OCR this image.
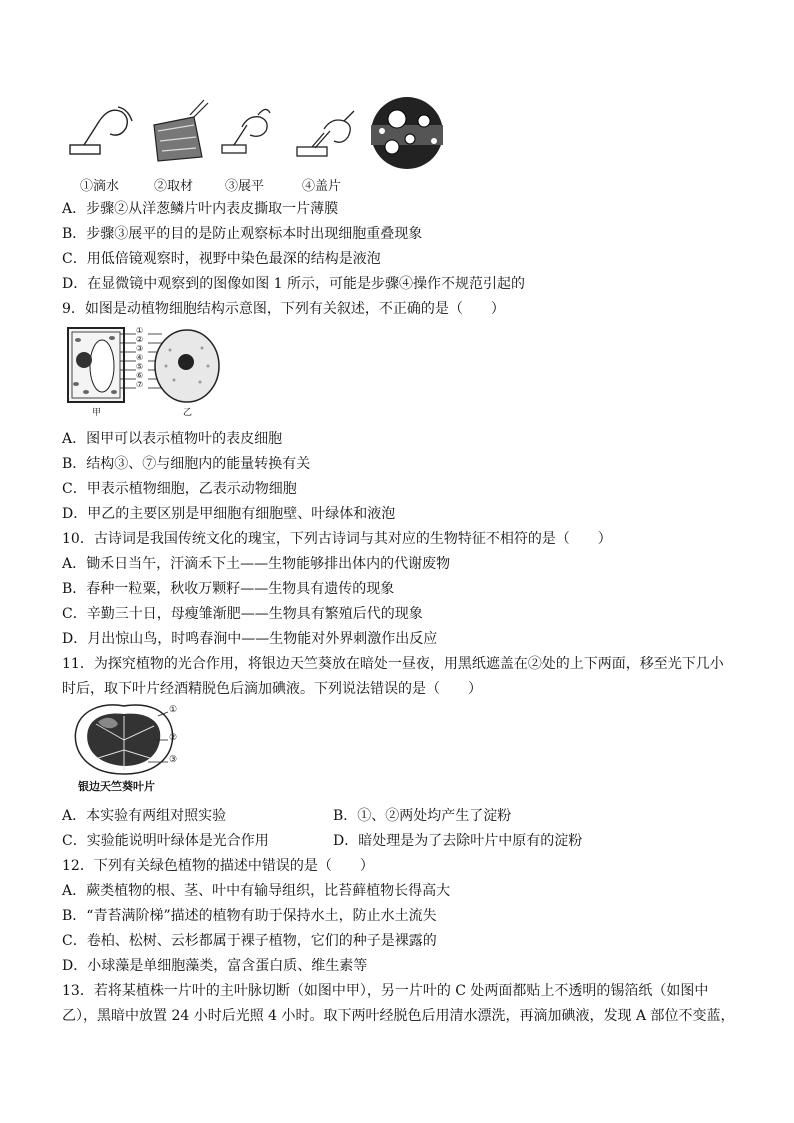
①滴水	②取材 ③展平	④盖片
A．步骤②从洋葱鳞片叶内表皮撕取一片薄膜
B．步骤③展平的目的是防止观察标本时出现细胞重叠现象
C．用低倍镜观察时，视野中染色最深的结构是液泡
D．在显微镜中观察到的图像如图 1 所示，可能是步骤④操作不规范引起的
9．如图是动植物细胞结构示意图，下列有关叙述，不正确的是（　　）
①
②
③
④
⑤
⑥
⑦
甲	乙
A．图甲可以表示植物叶的表皮细胞
B．结构③、⑦与细胞内的能量转换有关
C．甲表示植物细胞，乙表示动物细胞
D．甲乙的主要区别是甲细胞有细胞壁、叶绿体和液泡
10．古诗词是我国传统文化的瑰宝，下列古诗词与其对应的生物特征不相符的是（　　）
A．锄禾日当午，汗滴禾下土——生物能够排出体内的代谢废物
B．春种一粒粟，秋收万颗籽——生物具有遗传的现象
C．辛勤三十日，母瘦雏渐肥——生物具有繁殖后代的现象
D．月出惊山鸟，时鸣春涧中——生物能对外界刺激作出反应
11．为探究植物的光合作用，将银边天竺葵放在暗处一昼夜，用黑纸遮盖在②处的上下两面，移至光下几小
时后，取下叶片经酒精脱色后滴加碘液。下列说法错误的是（　　）
①
②
③
银边天竺葵叶片
A．本实验有两组对照实验	B．①、②两处均产生了淀粉
C．实验能说明叶绿体是光合作用	D．暗处理是为了去除叶片中原有的淀粉
12．下列有关绿色植物的描述中错误的是（　　）
A．蕨类植物的根、茎、叶中有输导组织，比苔藓植物长得高大
B．“青苔满阶梯”描述的植物有助于保持水土，防止水土流失
C．卷柏、松树、云杉都属于裸子植物，它们的种子是裸露的
D．小球藻是单细胞藻类，富含蛋白质、维生素等
13．若将某植株一片叶的主叶脉切断（如图中甲），另一片叶的 C 处两面都贴上不透明的锡箔纸（如图中
乙），黑暗中放置 24 小时后光照 4 小时。取下两叶经脱色后用清水漂洗，再滴加碘液，发现 A 部位不变蓝，
